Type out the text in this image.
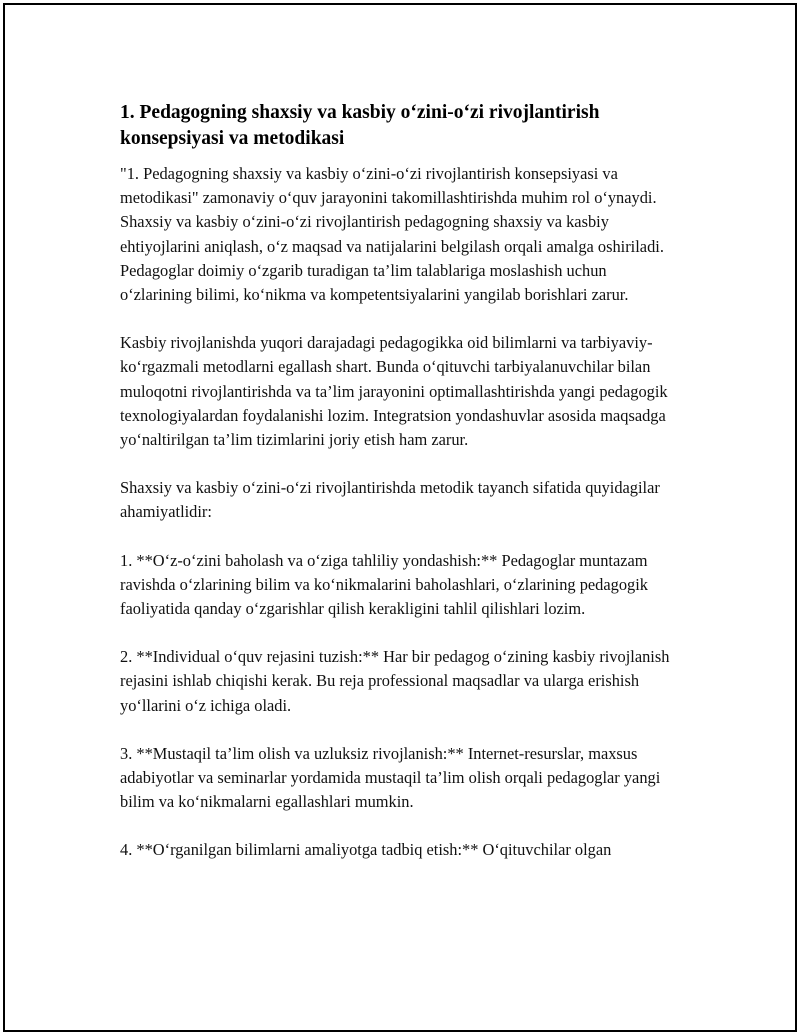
1. Pedagogning shaxsiy va kasbiy o‘zini-o‘zi rivojlantirish konsepsiyasi va metodikasi

"1. Pedagogning shaxsiy va kasbiy o‘zini-o‘zi rivojlantirish konsepsiyasi va metodikasi" zamonaviy o‘quv jarayonini takomillashtirishda muhim rol o‘ynaydi. Shaxsiy va kasbiy o‘zini-o‘zi rivojlantirish pedagogning shaxsiy va kasbiy ehtiyojlarini aniqlash, o‘z maqsad va natijalarini belgilash orqali amalga oshiriladi. Pedagoglar doimiy o‘zgarib turadigan ta’lim talablariga moslashish uchun o‘zlarining bilimi, ko‘nikma va kompetentsiyalarini yangilab borishlari zarur.

Kasbiy rivojlanishda yuqori darajadagi pedagogikka oid bilimlarni va tarbiyaviy-ko‘rgazmali metodlarni egallash shart. Bunda o‘qituvchi tarbiyalanuvchilar bilan muloqotni rivojlantirishda va ta’lim jarayonini optimallashtirishda yangi pedagogik texnologiyalardan foydalanishi lozim. Integratsion yondashuvlar asosida maqsadga yo‘naltirilgan ta’lim tizimlarini joriy etish ham zarur.

Shaxsiy va kasbiy o‘zini-o‘zi rivojlantirishda metodik tayanch sifatida quyidagilar ahamiyatlidir:

1. **O‘z-o‘zini baholash va o‘ziga tahliliy yondashish:** Pedagoglar muntazam ravishda o‘zlarining bilim va ko‘nikmalarini baholashlari, o‘zlarining pedagogik faoliyatida qanday o‘zgarishlar qilish kerakligini tahlil qilishlari lozim.

2. **Individual o‘quv rejasini tuzish:** Har bir pedagog o‘zining kasbiy rivojlanish rejasini ishlab chiqishi kerak. Bu reja professional maqsadlar va ularga erishish yo‘llarini o‘z ichiga oladi.

3. **Mustaqil ta’lim olish va uzluksiz rivojlanish:** Internet-resurslar, maxsus adabiyotlar va seminarlar yordamida mustaqil ta’lim olish orqali pedagoglar yangi bilim va ko‘nikmalarni egallashlari mumkin.

4. **O‘rganilgan bilimlarni amaliyotga tadbiq etish:** O‘qituvchilar olgan
